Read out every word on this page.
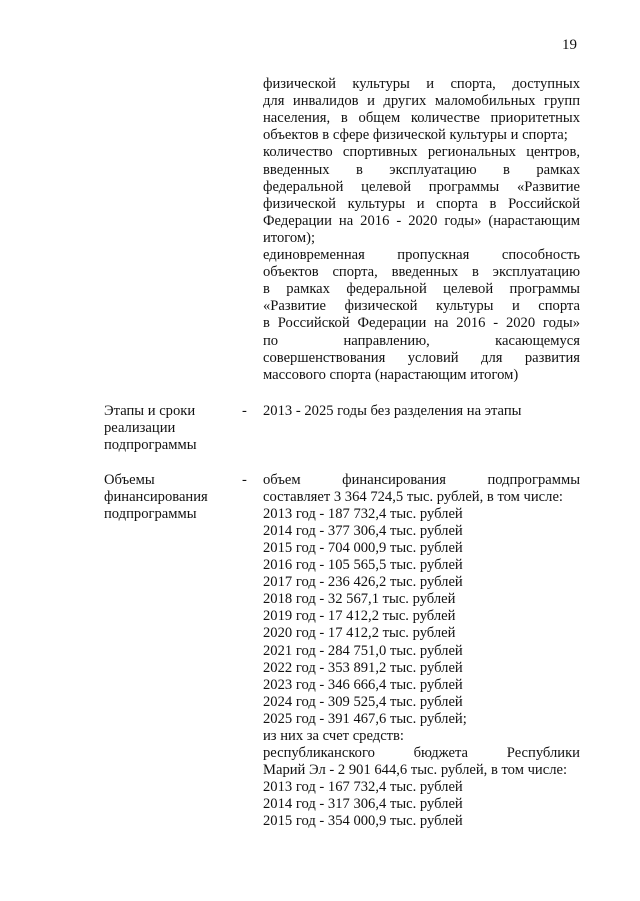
19
физической культуры и спорта, доступных
для инвалидов и других маломобильных групп
населения, в общем количестве приоритетных
объектов в сфере физической культуры и спорта;
количество спортивных региональных центров,
введенных в эксплуатацию в рамках
федеральной целевой программы «Развитие
физической культуры и спорта в Российской
Федерации на 2016 - 2020 годы» (нарастающим
итогом);
единовременная пропускная способность
объектов спорта, введенных в эксплуатацию
в рамках федеральной целевой программы
«Развитие физической культуры и спорта
в Российской Федерации на 2016 - 2020 годы»
по направлению, касающемуся
совершенствования условий для развития
массового спорта (нарастающим итогом)
Этапы и сроки
реализации
подпрограммы
- 2013 - 2025 годы без разделения на этапы
Объемы
финансирования
подпрограммы
- объем финансирования подпрограммы
составляет 3 364 724,5 тыс. рублей, в том числе:
2013 год - 187 732,4 тыс. рублей
2014 год - 377 306,4 тыс. рублей
2015 год - 704 000,9 тыс. рублей
2016 год - 105 565,5 тыс. рублей
2017 год - 236 426,2 тыс. рублей
2018 год - 32 567,1 тыс. рублей
2019 год - 17 412,2 тыс. рублей
2020 год - 17 412,2 тыс. рублей
2021 год - 284 751,0 тыс. рублей
2022 год - 353 891,2 тыс. рублей
2023 год - 346 666,4 тыс. рублей
2024 год - 309 525,4 тыс. рублей
2025 год - 391 467,6 тыс. рублей;
из них за счет средств:
республиканского бюджета Республики
Марий Эл - 2 901 644,6 тыс. рублей, в том числе:
2013 год - 167 732,4 тыс. рублей
2014 год - 317 306,4 тыс. рублей
2015 год - 354 000,9 тыс. рублей
